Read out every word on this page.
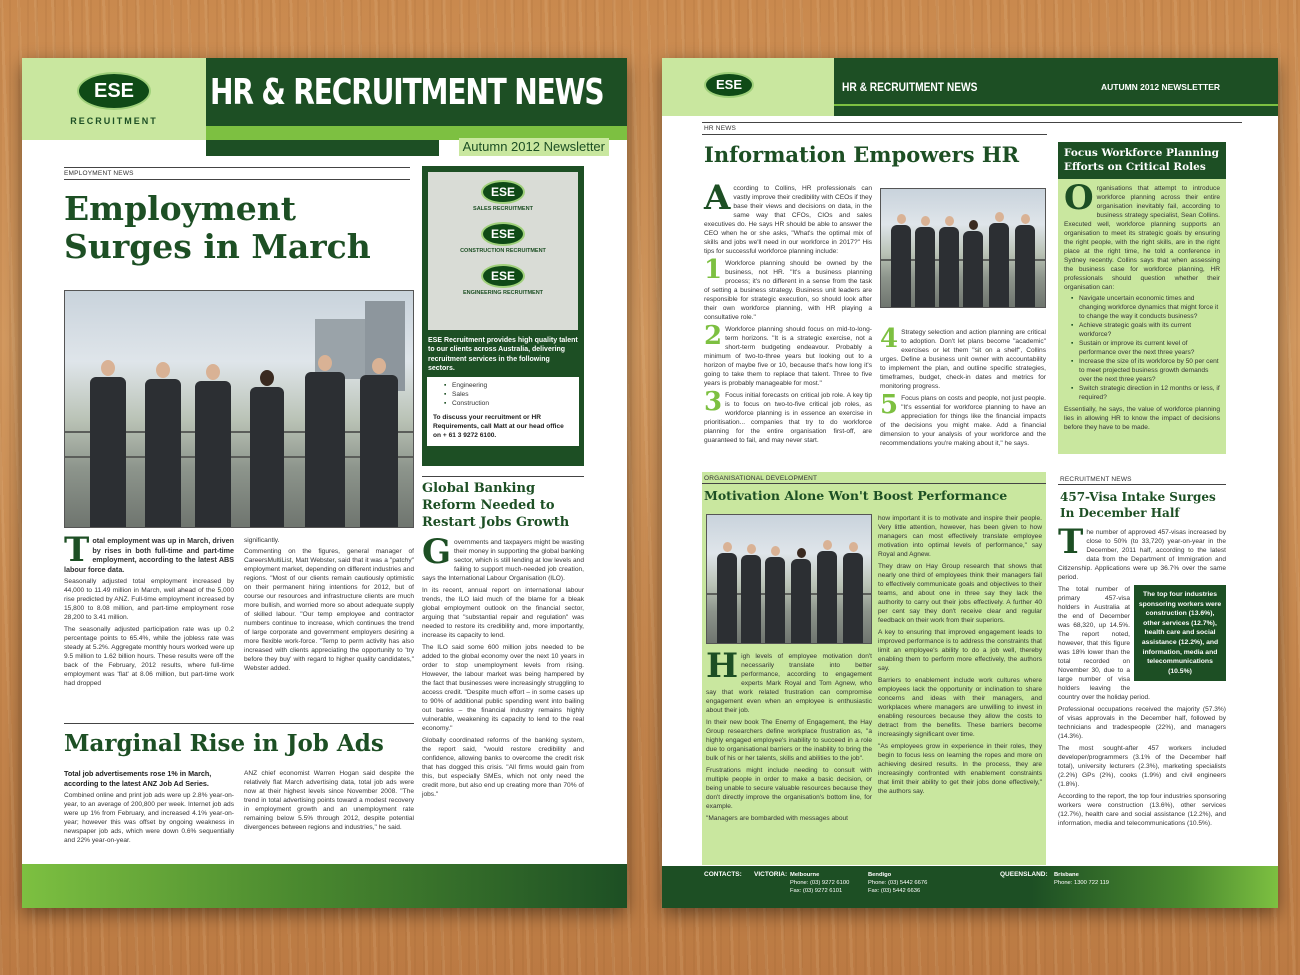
ESE
RECRUITMENT
HR & RECRUITMENT NEWS
Autumn 2012 Newsletter
EMPLOYMENT NEWS
Employment Surges in March
Total employment was up in March, driven by rises in both full-time and part-time employment, according to the latest ABS labour force data.

Seasonally adjusted total employment increased by 44,000 to 11.49 million in March, well ahead of the 5,000 rise predicted by ANZ. Full-time employment increased by 15,800 to 8.08 million, and part-time employment rose 28,200 to 3.41 million.

The seasonally adjusted participation rate was up 0.2 percentage points to 65.4%, while the jobless rate was steady at 5.2%. Aggregate monthly hours worked were up 9.5 million to 1.62 billion hours. These results were off the back of the February, 2012 results, where full-time employment was 'flat' at 8.06 million, but part-time work had dropped

significantly.

Commenting on the figures, general manager of CareersMultiList, Matt Webster, said that it was a "patchy" employment market, depending on different industries and regions. "Most of our clients remain cautiously optimistic on their permanent hiring intentions for 2012, but of course our resources and infrastructure clients are much more bullish, and worried more so about adequate supply of skilled labour. "Our temp employee and contractor numbers continue to increase, which continues the trend of large corporate and government employers desiring a more flexible work-force. "Temp to perm activity has also increased with clients appreciating the opportunity to 'try before they buy' with regard to higher quality candidates," Webster added.

Marginal Rise in Job Ads

Total job advertisements rose 1% in March, according to the latest ANZ Job Ad Series.

Combined online and print job ads were up 2.8% year-on-year, to an average of 200,800 per week. Internet job ads were up 1% from February, and increased 4.1% year-on-year; however this was offset by ongoing weakness in newspaper job ads, which were down 0.6% sequentially and 22% year-on-year.

ANZ chief economist Warren Hogan said despite the relatively flat March advertising data, total job ads were now at their highest levels since November 2008. "The trend in total advertising points toward a modest recovery in employment growth and an unemployment rate remaining below 5.5% through 2012, despite potential divergences between regions and industries," he said.

ESE
SALES RECRUITMENT
ESE
CONSTRUCTION RECRUITMENT
ESE
ENGINEERING RECRUITMENT

ESE Recruitment provides high quality talent to our clients across Australia, delivering recruitment services in the following sectors.

▪ Engineering
▪ Sales
▪ Construction

To discuss your recruitment or HR Requirements, call Matt at our head office on + 61 3 9272 6100.

Global Banking Reform Needed to Restart Jobs Growth

Governments and taxpayers might be wasting their money in supporting the global banking sector, which is still lending at low levels and failing to support much-needed job creation, says the International Labour Organisation (ILO).

In its recent, annual report on international labour trends, the ILO laid much of the blame for a bleak global employment outlook on the financial sector, arguing that "substantial repair and regulation" was needed to restore its credibility and, more importantly, increase its capacity to lend.

The ILO said some 600 million jobs needed to be added to the global economy over the next 10 years in order to stop unemployment levels from rising. However, the labour market was being hampered by the fact that businesses were increasingly struggling to access credit. "Despite much effort – in some cases up to 90% of additional public spending went into bailing out banks – the financial industry remains highly vulnerable, weakening its capacity to lend to the real economy."

Globally coordinated reforms of the banking system, the report said, "would restore credibility and confidence, allowing banks to overcome the credit risk that has dogged this crisis. "All firms would gain from this, but especially SMEs, which not only need the credit more, but also end up creating more than 70% of jobs."

ESE	HR & RECRUITMENT NEWS	AUTUMN 2012 NEWSLETTER
HR NEWS
Information Empowers HR

According to Collins, HR professionals can vastly improve their credibility with CEOs if they base their views and decisions on data, in the same way that CFOs, CIOs and sales executives do. He says HR should be able to answer the CEO when he or she asks, "What's the optimal mix of skills and jobs we'll need in our workforce in 2017?" His tips for successful workforce planning include:

1 Workforce planning should be owned by the business, not HR. "It's a business planning process; it's no different in a sense from the task of setting a business strategy. Business unit leaders are responsible for strategic execution, so should look after their own workforce planning, with HR playing a consultative role."

2 Workforce planning should focus on mid-to-long-term horizons. "It is a strategic exercise, not a short-term budgeting endeavour. Probably a minimum of two-to-three years but looking out to a horizon of maybe five or 10, because that's how long it's going to take them to replace that talent. Three to five years is probably manageable for most."

3 Focus initial forecasts on critical job role. A key tip is to focus on two-to-five critical job roles, as workforce planning is in essence an exercise in prioritisation... companies that try to do workforce planning for the entire organisation first-off, are guaranteed to fail, and may never start.

4 Strategy selection and action planning are critical to adoption. Don't let plans become "academic" exercises or let them "sit on a shelf", Collins urges. Define a business unit owner with accountability to implement the plan, and outline specific strategies, timeframes, budget, check-in dates and metrics for monitoring progress.

5 Focus plans on costs and people, not just people. "It's essential for workforce planning to have an appreciation for things like the financial impacts of the decisions you might make. Add a financial dimension to your analysis of your workforce and the recommendations you're making about it," he says.

Focus Workforce Planning Efforts on Critical Roles

Organisations that attempt to introduce workforce planning across their entire organisation inevitably fail, according to business strategy specialist, Sean Collins. Executed well, workforce planning supports an organisation to meet its strategic goals by ensuring the right people, with the right skills, are in the right place at the right time, he told a conference in Sydney recently. Collins says that when assessing the business case for workforce planning, HR professionals should question whether their organisation can:

▪ Navigate uncertain economic times and changing workforce dynamics that might force it to change the way it conducts business?
▪ Achieve strategic goals with its current workforce?
▪ Sustain or improve its current level of performance over the next three years?
▪ Increase the size of its workforce by 50 per cent to meet projected business growth demands over the next three years?
▪ Switch strategic direction in 12 months or less, if required?

Essentially, he says, the value of workforce planning lies in allowing HR to know the impact of decisions before they have to be made.

ORGANISATIONAL DEVELOPMENT
Motivation Alone Won't Boost Performance

High levels of employee motivation don't necessarily translate into better performance, according to engagement experts Mark Royal and Tom Agnew, who say that work related frustration can compromise engagement even when an employee is enthusiastic about their job.

In their new book The Enemy of Engagement, the Hay Group researchers define workplace frustration as, "a highly engaged employee's inability to succeed in a role due to organisational barriers or the inability to bring the bulk of his or her talents, skills and abilities to the job".

Frustrations might include needing to consult with multiple people in order to make a basic decision, or being unable to secure valuable resources because they don't directly improve the organisation's bottom line, for example.

"Managers are bombarded with messages about

how important it is to motivate and inspire their people. Very little attention, however, has been given to how managers can most effectively translate employee motivation into optimal levels of performance," say Royal and Agnew.

They draw on Hay Group research that shows that nearly one third of employees think their managers fail to effectively communicate goals and objectives to their teams, and about one in three say they lack the authority to carry out their jobs effectively. A further 40 per cent say they don't receive clear and regular feedback on their work from their superiors.

A key to ensuring that improved engagement leads to improved performance is to address the constraints that limit an employee's ability to do a job well, thereby enabling them to perform more effectively, the authors say.

Barriers to enablement include work cultures where employees lack the opportunity or inclination to share concerns and ideas with their managers, and workplaces where managers are unwilling to invest in enabling resources because they allow the costs to detract from the benefits. These barriers become increasingly significant over time.

"As employees grow in experience in their roles, they begin to focus less on learning the ropes and more on achieving desired results. In the process, they are increasingly confronted with enablement constraints that limit their ability to get their jobs done effectively," the authors say.

RECRUITMENT NEWS
457-Visa Intake Surges In December Half

The number of approved 457-visas increased by close to 50% (to 33,720) year-on-year in the December, 2011 half, according to the latest data from the Department of Immigration and Citizenship. Applications were up 36.7% over the same period.

The top four industries sponsoring workers were construction (13.6%), other services (12.7%), health care and social assistance (12.2%), and information, media and telecommunications (10.5%)

The total number of primary 457-visa holders in Australia at the end of December was 68,320, up 14.5%. The report noted, however, that this figure was 18% lower than the total recorded on November 30, due to a large number of visa holders leaving the country over the holiday period.

Professional occupations received the majority (57.3%) of visas approvals in the December half, followed by technicians and tradespeople (22%), and managers (14.3%).

The most sought-after 457 workers included developer/programmers (3.1% of the December half total), university lecturers (2.3%), marketing specialists (2.2%) GPs (2%), cooks (1.9%) and civil engineers (1.8%).

According to the report, the top four industries sponsoring workers were construction (13.6%), other services (12.7%), health care and social assistance (12.2%), and information, media and telecommunications (10.5%).

CONTACTS: VICTORIA: Melbourne
Phone: (03) 9272 6100
Fax: (03) 9272 6101
Bendigo
Phone: (03) 5442 6676
Fax: (03) 5442 6636
QUEENSLAND: Brisbane
Phone: 1300 722 119
